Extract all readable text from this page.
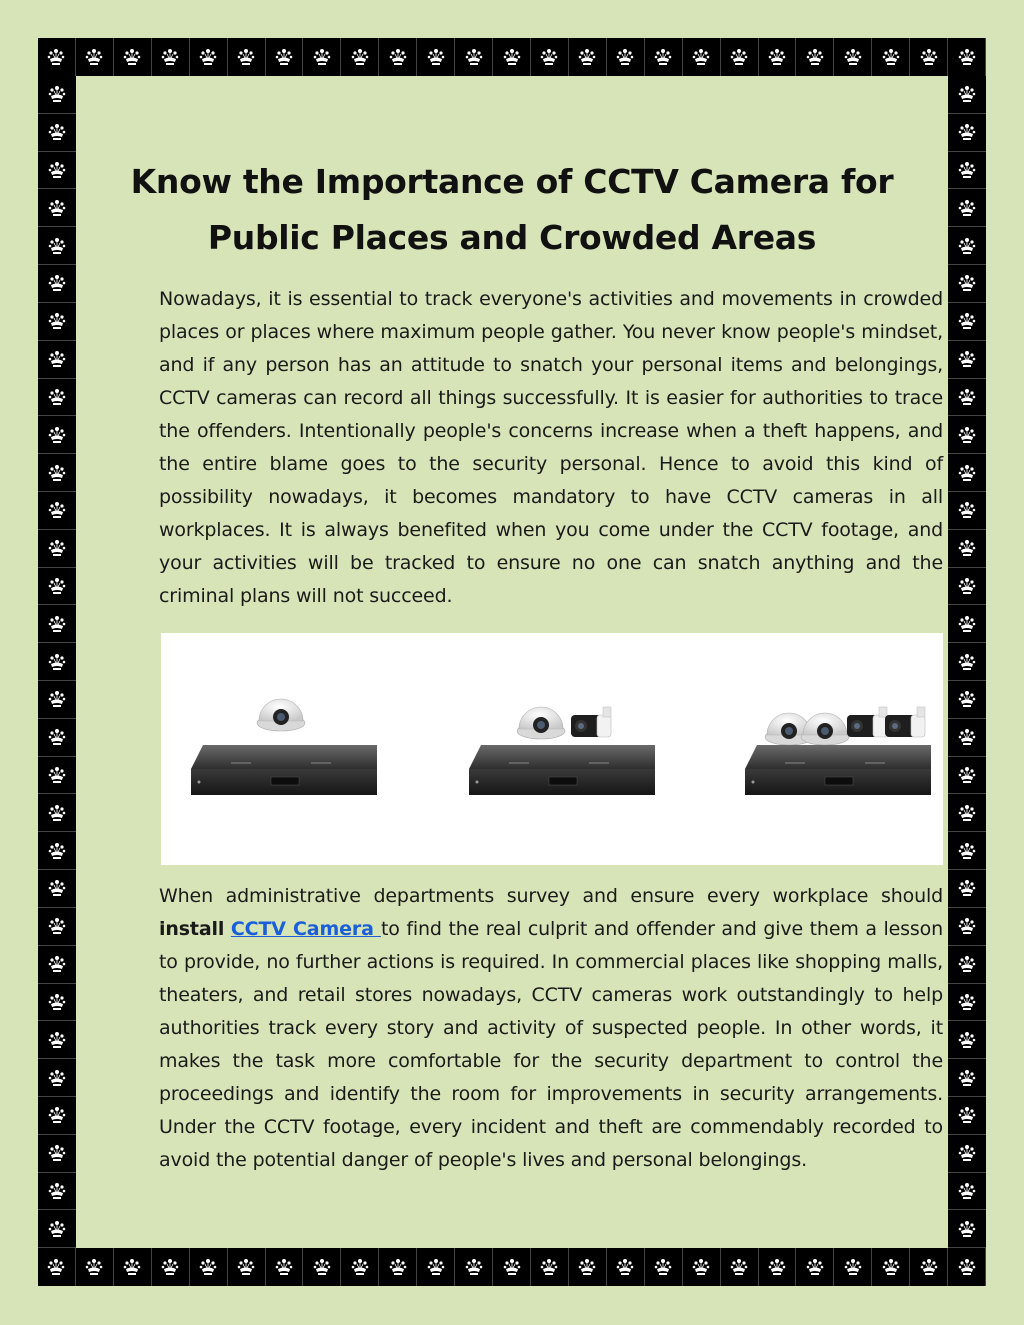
Know the Importance of CCTV Camera for
Public Places and Crowded Areas
Nowadays, it is essential to track everyone's activities and movements in crowded places or places where maximum people gather. You never know people's mindset, and if any person has an attitude to snatch your personal items and belongings, CCTV cameras can record all things successfully. It is easier for authorities to trace the offenders. Intentionally people's concerns increase when a theft happens, and the entire blame goes to the security personal. Hence to avoid this kind of possibility nowadays, it becomes mandatory to have CCTV cameras in all workplaces. It is always benefited when you come under the CCTV footage, and your activities will be tracked to ensure no one can snatch anything and the criminal plans will not succeed.
When administrative departments survey and ensure every workplace should install CCTV Camera to find the real culprit and offender and give them a lesson to provide, no further actions is required. In commercial places like shopping malls, theaters, and retail stores nowadays, CCTV cameras work outstandingly to help authorities track every story and activity of suspected people. In other words, it makes the task more comfortable for the security department to control the proceedings and identify the room for improvements in security arrangements. Under the CCTV footage, every incident and theft are commendably recorded to avoid the potential danger of people's lives and personal belongings.
